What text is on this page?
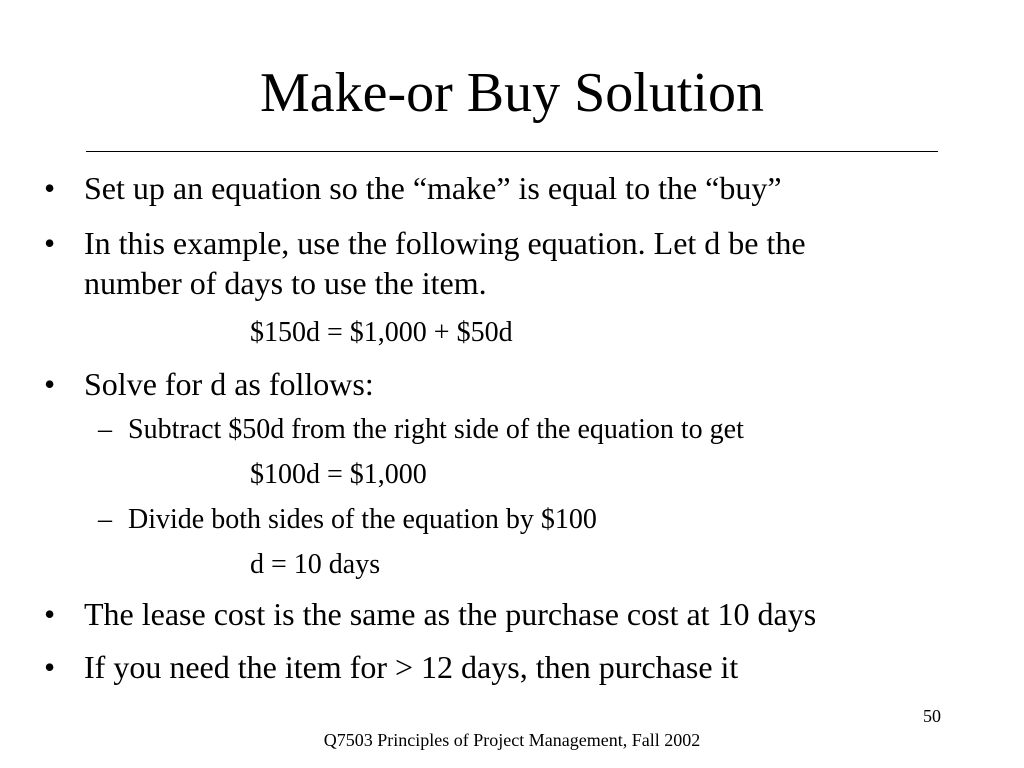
Make-or Buy Solution
• Set up an equation so the “make” is equal to the “buy”
• In this example, use the following equation. Let d be the
number of days to use the item.
$150d = $1,000 + $50d
• Solve for d as follows:
– Subtract $50d from the right side of the equation to get
$100d = $1,000
– Divide both sides of the equation by $100
d = 10 days
• The lease cost is the same as the purchase cost at 10 days
• If you need the item for > 12 days, then purchase it
50
Q7503 Principles of Project Management, Fall 2002
